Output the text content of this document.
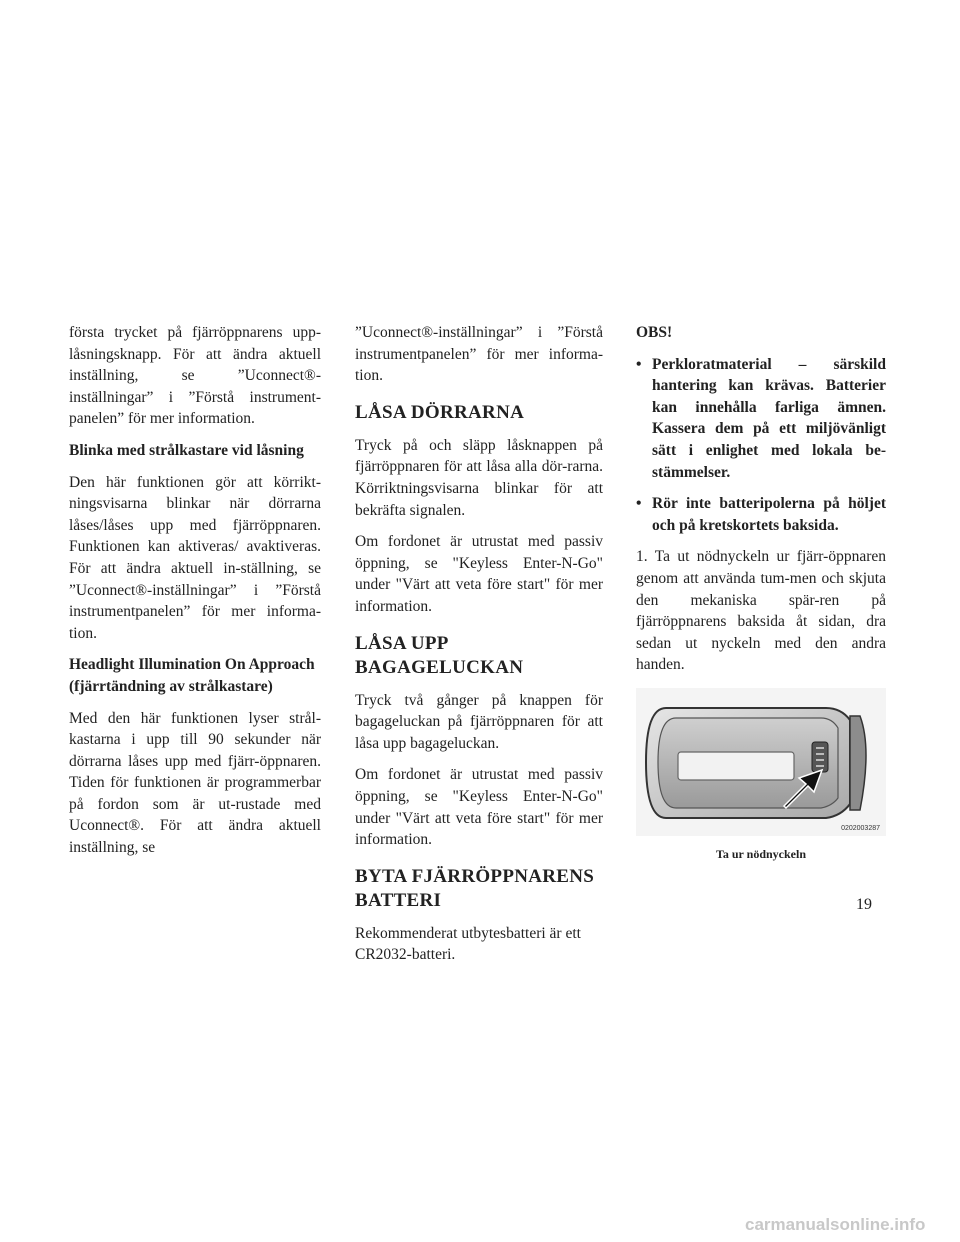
första trycket på fjärröppnarens upp-låsningsknapp. För att ändra aktuell inställning, se ”Uconnect®-inställningar” i ”Förstå instrument-panelen” för mer information.

Blinka med strålkastare vid låsning

Den här funktionen gör att körrikt-ningsvisarna blinkar när dörrarna låses/låses upp med fjärröppnaren. Funktionen kan aktiveras/ avaktiveras. För att ändra aktuell in-ställning, se ”Uconnect®-inställningar” i ”Förstå instrumentpanelen” för mer informa-tion.

Headlight Illumination On Approach (fjärrtändning av strålkastare)

Med den här funktionen lyser strål-kastarna i upp till 90 sekunder när dörrarna låses upp med fjärr-öppnaren. Tiden för funktionen är programmerbar på fordon som är ut-rustade med Uconnect®. För att ändra aktuell inställning, se

”Uconnect®-inställningar” i ”Förstå instrumentpanelen” för mer informa-tion.

LÅSA DÖRRARNA

Tryck på och släpp låsknappen på fjärröppnaren för att låsa alla dör-rarna. Körriktningsvisarna blinkar för att bekräfta signalen.

Om fordonet är utrustat med passiv öppning, se "Keyless Enter-N-Go" under "Värt att veta före start" för mer information.

LÅSA UPP BAGAGELUCKAN

Tryck två gånger på knappen för bagageluckan på fjärröppnaren för att låsa upp bagageluckan.

Om fordonet är utrustat med passiv öppning, se "Keyless Enter-N-Go" under "Värt att veta före start" för mer information.

BYTA FJÄRRÖPPNARENS BATTERI

Rekommenderat utbytesbatteri är ett CR2032-batteri.

OBS!

• Perkloratmaterial – särskild hantering kan krävas. Batterier kan innehålla farliga ämnen. Kassera dem på ett miljövänligt sätt i enlighet med lokala be-stämmelser.
• Rör inte batteripolerna på höljet och på kretskortets baksida.

1. Ta ut nödnyckeln ur fjärr-öppnaren genom att använda tum-men och skjuta den mekaniska spär-ren på fjärröppnarens baksida åt sidan, dra sedan ut nyckeln med den andra handen.

0202003287
Ta ur nödnyckeln
19
carmanualsonline.info
